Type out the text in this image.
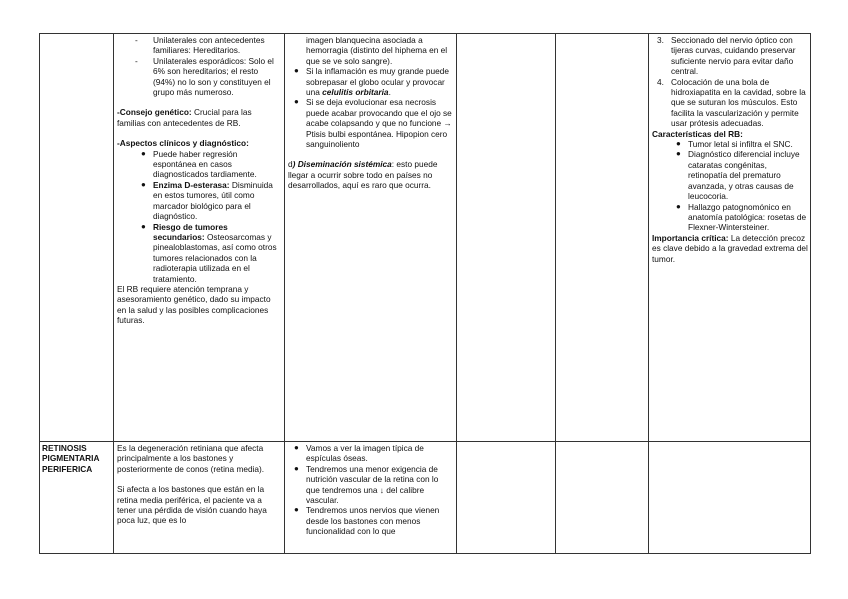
- Unilaterales con antecedentes familiares: Hereditarios.
- Unilaterales esporádicos: Solo el 6% son hereditarios; el resto (94%) no lo son y constituyen el grupo más numeroso.

-Consejo genético: Crucial para las familias con antecedentes de RB.

-Aspectos clínicos y diagnóstico:

● Puede haber regresión espontánea en casos diagnosticados tardiamente.
● Enzima D-esterasa: Disminuida en estos tumores, útil como marcador biológico para el diagnóstico.
● Riesgo de tumores secundarios: Osteosarcomas y pinealoblastomas, así como otros tumores relacionados con la radioterapia utilizada en el tratamiento.

El RB requiere atención temprana y asesoramiento genético, dado su impacto en la salud y las posibles complicaciones futuras.

imagen blanquecina asociada a hemorragia (distinto del hiphema en el que se ve solo sangre).

● Si la inflamación es muy grande puede sobrepasar el globo ocular y provocar una celulitis orbitaria.
● Si se deja evolucionar esa necrosis puede acabar provocando que el ojo se acabe colapsando y que no funcione → Ptisis bulbi espontánea. Hipopion cero sanguinoliento

d) Diseminación sistémica: esto puede llegar a ocurrir sobre todo en países no desarrollados, aquí es raro que ocurra.

3. Seccionado del nervio óptico con tijeras curvas, cuidando preservar suficiente nervio para evitar daño central.
4. Colocación de una bola de hidroxiapatita en la cavidad, sobre la que se suturan los músculos. Esto facilita la vascularización y permite usar prótesis adecuadas.

Características del RB:

● Tumor letal si infiltra el SNC.
● Diagnóstico diferencial incluye cataratas congénitas, retinopatía del prematuro avanzada, y otras causas de leucocoria.
● Hallazgo patognomónico en anatomía patológica: rosetas de Flexner-Wintersteiner.

Importancia crítica: La detección precoz es clave debido a la gravedad extrema del tumor.

RETINOSIS PIGMENTARIA PERIFERICA

Es la degeneración retiniana que afecta principalmente a los bastones y posteriormente de conos (retina media).

Si afecta a los bastones que están en la retina media periférica, el paciente va a tener una pérdida de visión cuando haya poca luz, que es lo

● Vamos a ver la imagen típica de espículas óseas.
● Tendremos una menor exigencia de nutrición vascular de la retina con lo que tendremos una ↓ del calibre vascular.
● Tendremos unos nervios que vienen desde los bastones con menos funcionalidad con lo que
